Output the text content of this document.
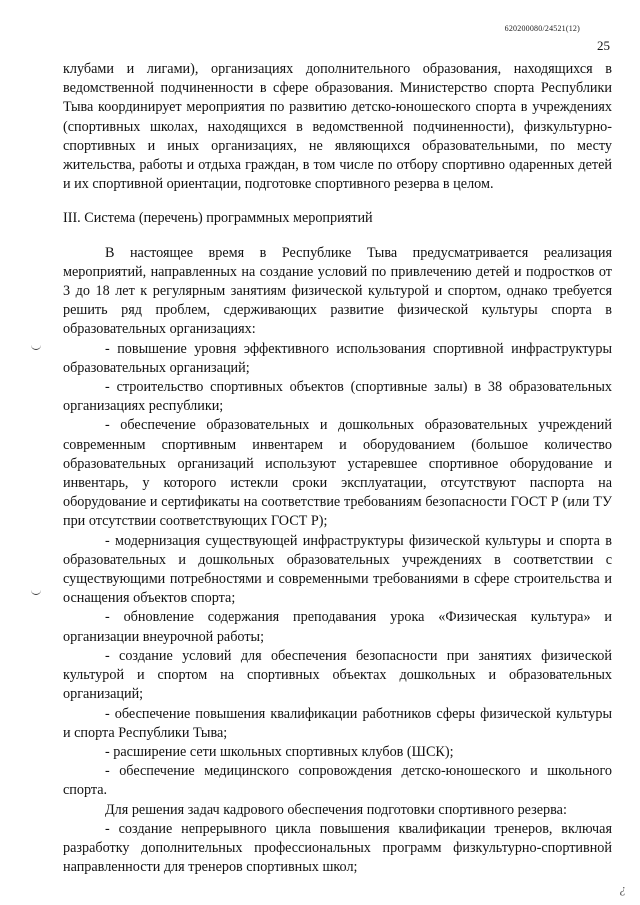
620200080/24521(12)
25

клубами и лигами), организациях дополнительного образования, находящихся в ведомственной подчиненности в сфере образования. Министерство спорта Республики Тыва координирует мероприятия по развитию детско-юношеского спорта в учреждениях (спортивных школах, находящихся в ведомственной подчиненности), физкультурно-спортивных и иных организациях, не являющихся образовательными, по месту жительства, работы и отдыха граждан, в том числе по отбору спортивно одаренных детей и их спортивной ориентации, подготовке спортивного резерва в целом.

III. Система (перечень) программных мероприятий

В настоящее время в Республике Тыва предусматривается реализация мероприятий, направленных на создание условий по привлечению детей и подростков от 3 до 18 лет к регулярным занятиям физической культурой и спортом, однако требуется решить ряд проблем, сдерживающих развитие физической культуры спорта в образовательных организациях:

- повышение уровня эффективного использования спортивной инфраструктуры образовательных организаций;

- строительство спортивных объектов (спортивные залы) в 38 образовательных организациях республики;

- обеспечение образовательных и дошкольных образовательных учреждений современным спортивным инвентарем и оборудованием (большое количество образовательных организаций используют устаревшее спортивное оборудование и инвентарь, у которого истекли сроки эксплуатации, отсутствуют паспорта на оборудование и сертификаты на соответствие требованиям безопасности ГОСТ Р (или ТУ при отсутствии соответствующих ГОСТ Р);

- модернизация существующей инфраструктуры физической культуры и спорта в образовательных и дошкольных образовательных учреждениях в соответствии с существующими потребностями и современными требованиями в сфере строительства и оснащения объектов спорта;

- обновление содержания преподавания урока «Физическая культура» и организации внеурочной работы;

- создание условий для обеспечения безопасности при занятиях физической культурой и спортом на спортивных объектах дошкольных и образовательных организаций;

- обеспечение повышения квалификации работников сферы физической культуры и спорта Республики Тыва;

- расширение сети школьных спортивных клубов (ШСК);

- обеспечение медицинского сопровождения детско-юношеского и школьного спорта.

Для решения задач кадрового обеспечения подготовки спортивного резерва:

- создание непрерывного цикла повышения квалификации тренеров, включая разработку дополнительных профессиональных программ физкультурно-спортивной направленности для тренеров спортивных школ;

¿
